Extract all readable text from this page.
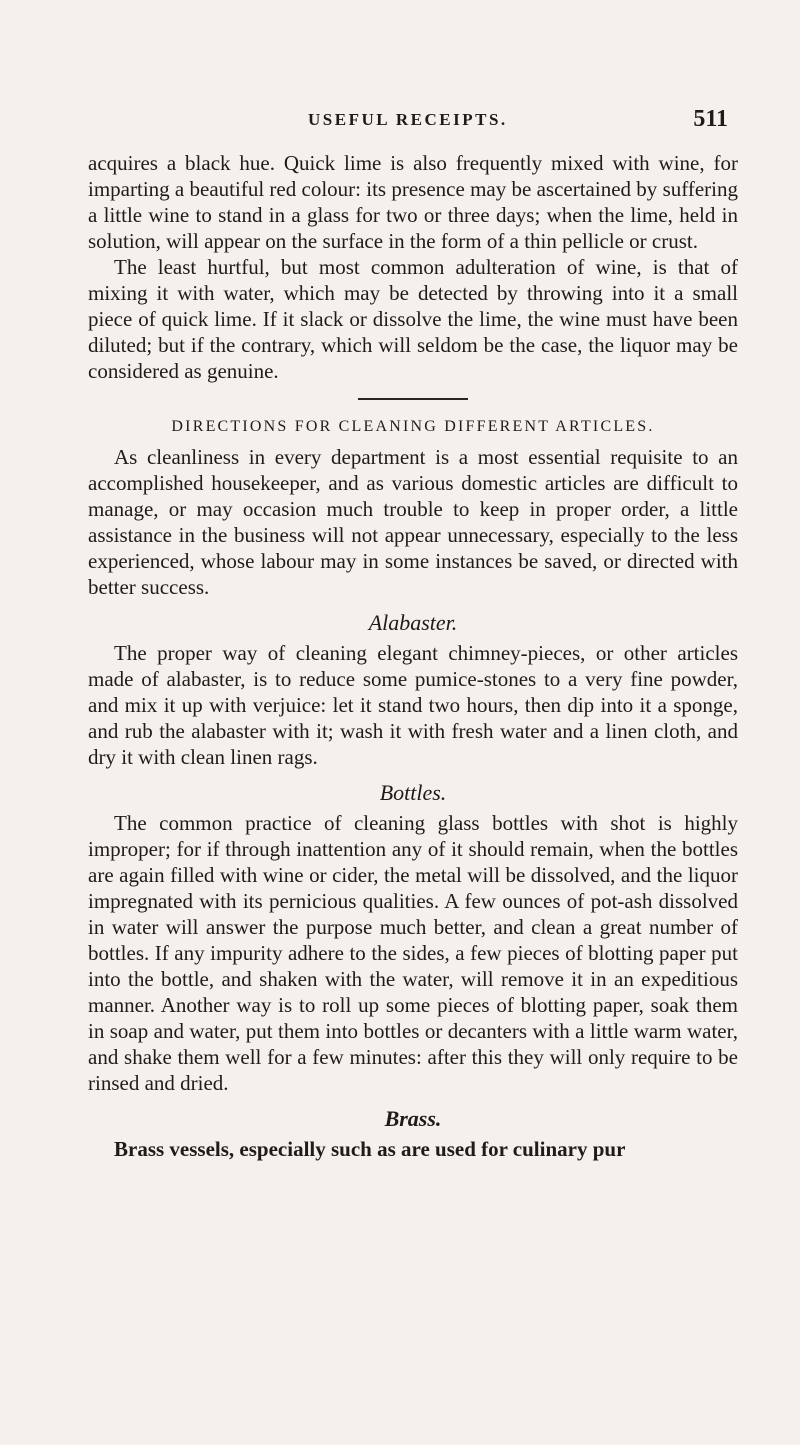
USEFUL RECEIPTS.	511

acquires a black hue. Quick lime is also frequently mixed with wine, for imparting a beautiful red colour: its presence may be ascertained by suffering a little wine to stand in a glass for two or three days; when the lime, held in solution, will appear on the surface in the form of a thin pellicle or crust.

The least hurtful, but most common adulteration of wine, is that of mixing it with water, which may be detected by throwing into it a small piece of quick lime. If it slack or dissolve the lime, the wine must have been diluted; but if the contrary, which will seldom be the case, the liquor may be considered as genuine.

DIRECTIONS FOR CLEANING DIFFERENT ARTICLES.

As cleanliness in every department is a most essential requisite to an accomplished housekeeper, and as various domestic articles are difficult to manage, or may occasion much trouble to keep in proper order, a little assistance in the business will not appear unnecessary, especially to the less experienced, whose labour may in some instances be saved, or directed with better success.

Alabaster.

The proper way of cleaning elegant chimney-pieces, or other articles made of alabaster, is to reduce some pumice-stones to a very fine powder, and mix it up with verjuice: let it stand two hours, then dip into it a sponge, and rub the alabaster with it; wash it with fresh water and a linen cloth, and dry it with clean linen rags.

Bottles.

The common practice of cleaning glass bottles with shot is highly improper; for if through inattention any of it should remain, when the bottles are again filled with wine or cider, the metal will be dissolved, and the liquor impregnated with its pernicious qualities. A few ounces of pot-ash dissolved in water will answer the purpose much better, and clean a great number of bottles. If any impurity adhere to the sides, a few pieces of blotting paper put into the bottle, and shaken with the water, will remove it in an expeditious manner. Another way is to roll up some pieces of blotting paper, soak them in soap and water, put them into bottles or decanters with a little warm water, and shake them well for a few minutes: after this they will only require to be rinsed and dried.

Brass.

Brass vessels, especially such as are used for culinary pur
